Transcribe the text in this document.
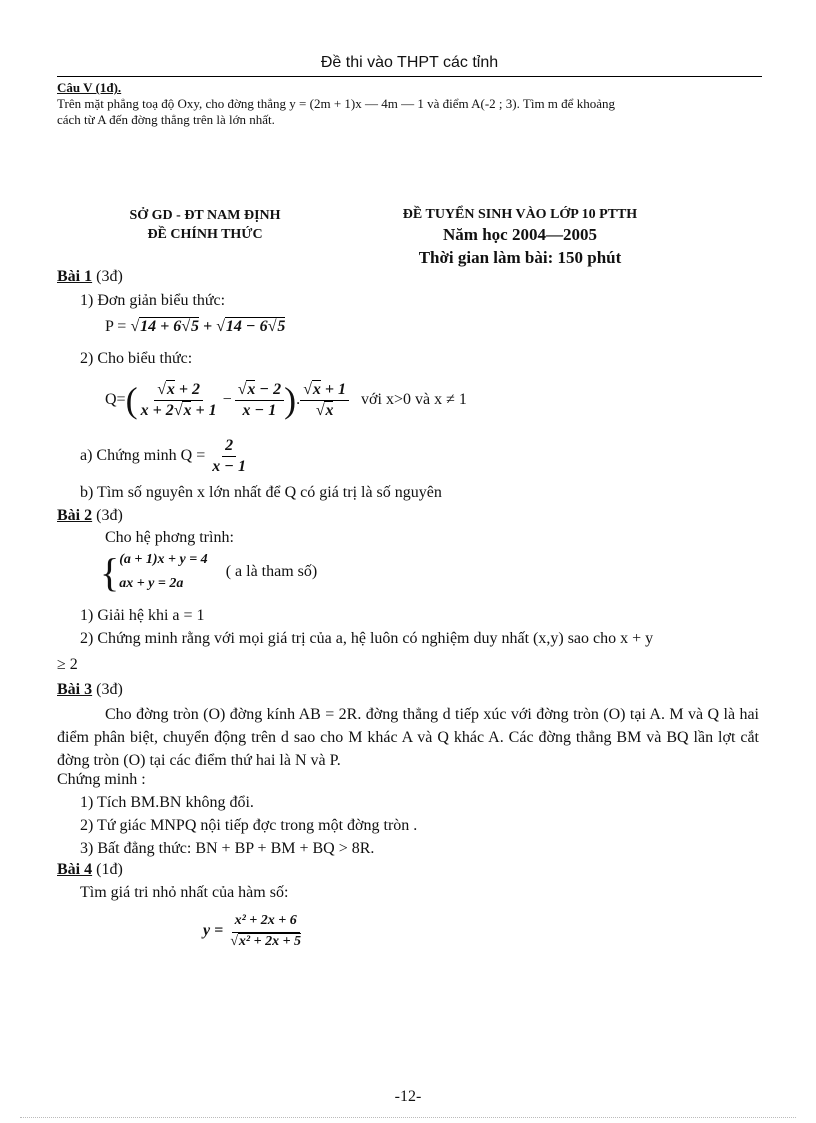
Đề thi vào THPT các tỉnh
Câu V (1đ).
Trên mặt phẳng toạ độ Oxy, cho đờng thẳng y = (2m + 1)x — 4m — 1 và điểm A(-2 ; 3). Tìm m để khoảng
cách từ A đến đờng thẳng trên là lớn nhất.
SỞ GD - ĐT NAM ĐỊNH
ĐỀ CHÍNH THỨC
ĐỀ TUYỂN SINH VÀO LỚP 10 PTTH
Năm học 2004—2005
Thời gian làm bài: 150 phút
Bài 1 (3đ)
1) Đơn giản biểu thức:
P = √14 + 6√5 + √14 − 6√5
2) Cho biểu thức:
Q= ( $\frac{√x + 2}{x + 2√x + 1} - \frac{√x - 2}{x - 1}$ ) . $\frac{√x + 1}{√x}$ với x>0 và x ≠ 1
a) Chứng minh $Q = \frac{2}{x - 1}$
b) Tìm số nguyên x lớn nhất để Q có giá trị là số nguyên
Bài 2 (3đ)
Cho hệ phơng trình:
{ (a + 1)x + y = 4
ax + y = 2a
( a là tham số)
1) Giải hệ khi a = 1
2) Chứng minh rằng với mọi giá trị của a, hệ luôn có nghiệm duy nhất (x,y) sao cho x + y
≥ 2
Bài 3 (3đ)
Cho đờng tròn (O) đờng kính AB = 2R. đờng thẳng d tiếp xúc với đờng tròn (O) tại A. M và Q là hai điểm phân biệt, chuyển động trên d sao cho M khác A và Q khác A. Các đờng thẳng BM và BQ lần lợt cắt đờng tròn (O) tại các điểm thứ hai là N và P.
Chứng minh :
1) Tích BM.BN không đổi.
2) Tứ giác MNPQ nội tiếp đợc trong một đờng tròn .
3) Bất đẳng thức: BN + BP + BM + BQ > 8R.
Bài 4 (1đ)
Tìm giá tri nhỏ nhất của hàm số:
$y = \frac{\text{x² + 2x + 6}}{\text{√x² + 2x + 5}}$
-12-
